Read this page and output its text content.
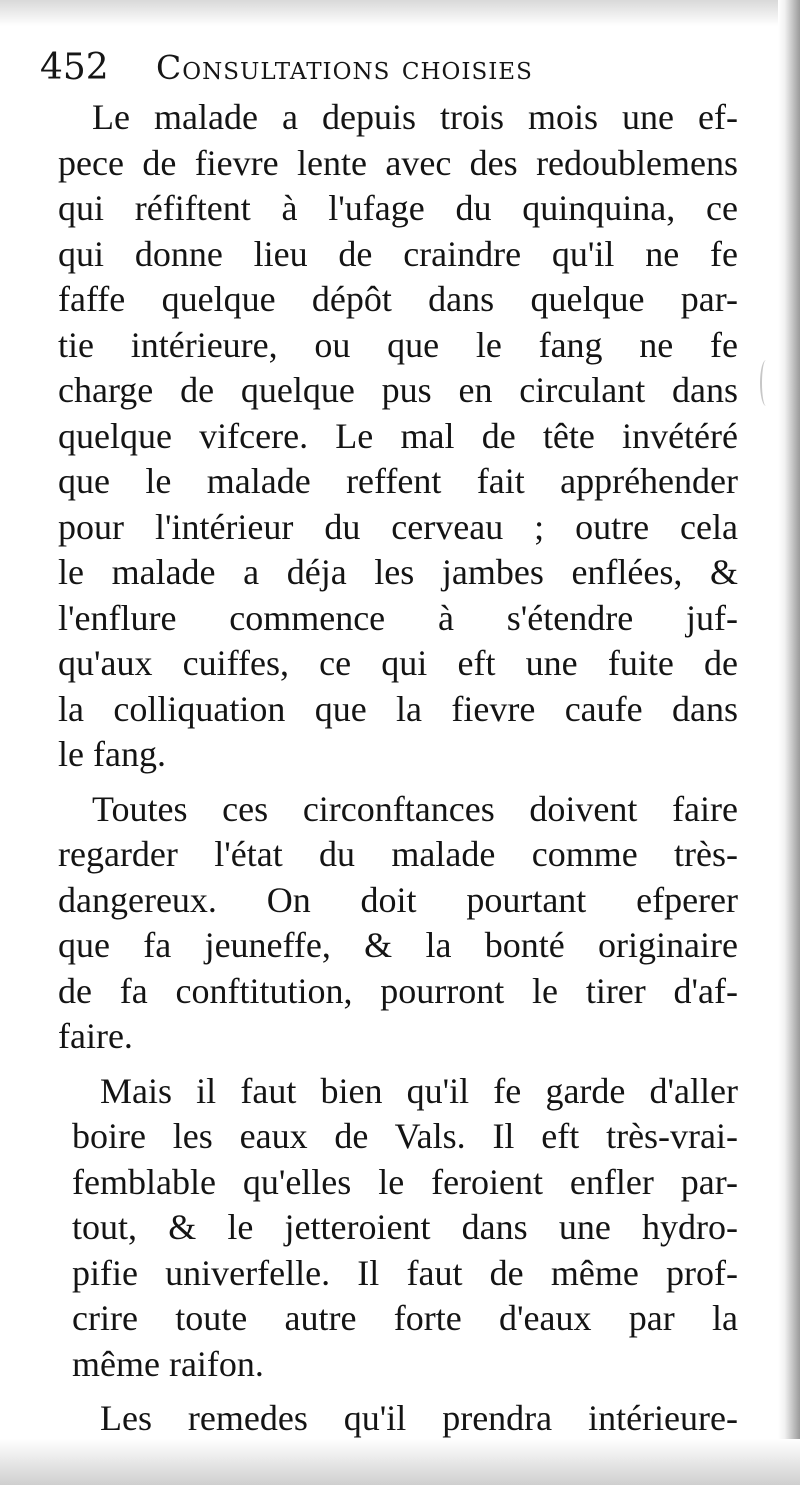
452 Consultations choisies
Le malade a depuis trois mois une ef-
pece de fievre lente avec des redoublemens
qui réfiftent à l'ufage du quinquina, ce
qui donne lieu de craindre qu'il ne fe
faffe quelque dépôt dans quelque par-
tie intérieure, ou que le fang ne fe
charge de quelque pus en circulant dans
quelque vifcere. Le mal de tête invétéré
que le malade reffent fait appréhender
pour l'intérieur du cerveau ; outre cela
le malade a déja les jambes enflées, &
l'enflure commence à s'étendre juf-
qu'aux cuiffes, ce qui eft une fuite de
la colliquation que la fievre caufe dans
le fang.
Toutes ces circonftances doivent faire
regarder l'état du malade comme très-
dangereux. On doit pourtant efperer
que fa jeuneffe, & la bonté originaire
de fa conftitution, pourront le tirer d'af-
faire.
Mais il faut bien qu'il fe garde d'aller
boire les eaux de Vals. Il eft très-vrai-
femblable qu'elles le feroient enfler par-
tout, & le jetteroient dans une hydro-
pifie univerfelle. Il faut de même prof-
crire toute autre forte d'eaux par la
même raifon.
Les remedes qu'il prendra intérieure-
